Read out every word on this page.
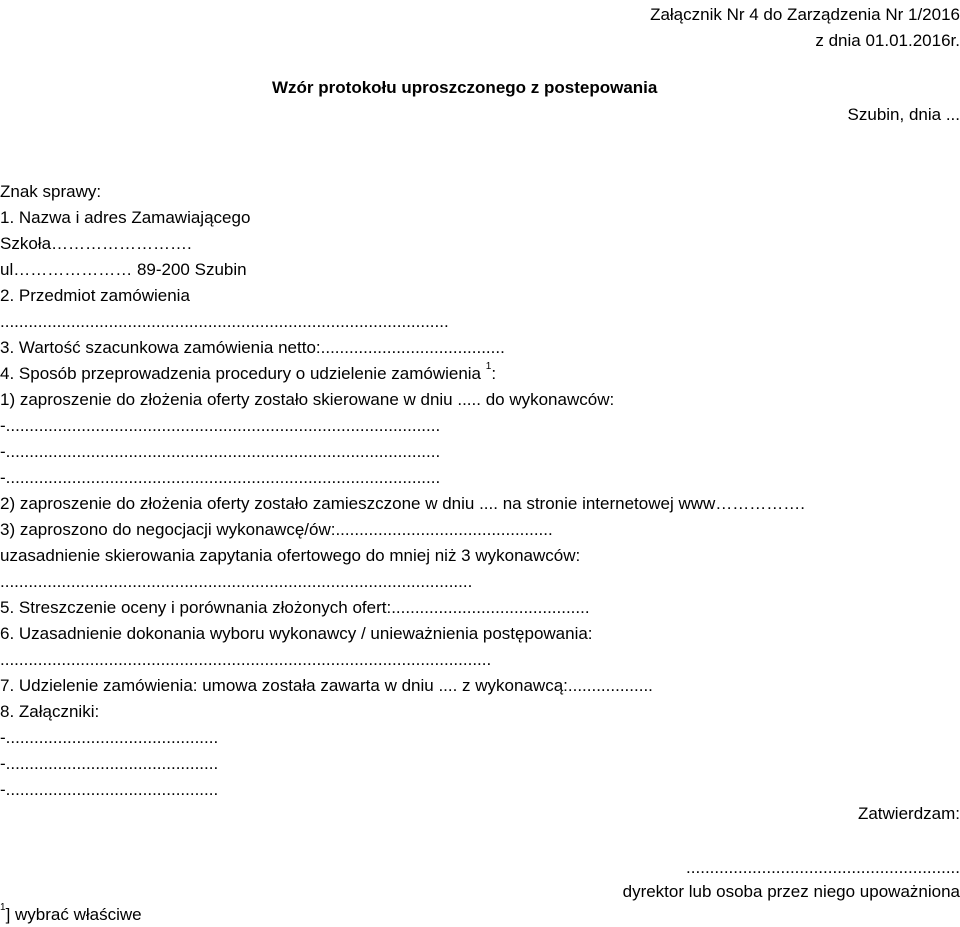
Załącznik Nr 4 do Zarządzenia Nr 1/2016
z dnia 01.01.2016r.
Wzór protokołu uproszczonego z postepowania
Szubin, dnia ...
Znak sprawy:
1. Nazwa i adres Zamawiającego
Szkoła…………………….
ul………………… 89-200 Szubin
2. Przedmiot zamówienia
...............................................................................................
3. Wartość szacunkowa zamówienia netto:.......................................
4. Sposób przeprowadzenia procedury o udzielenie zamówienia $^1$:
1) zaproszenie do złożenia oferty zostało skierowane w dniu ..... do wykonawców:
-............................................................................................
-............................................................................................
-............................................................................................
2) zaproszenie do złożenia oferty zostało zamieszczone w dniu .... na stronie internetowej www…………….
3) zaproszono do negocjacji wykonawcę/ów:..............................................
uzasadnienie skierowania zapytania ofertowego do mniej niż 3 wykonawców:
....................................................................................................
5. Streszczenie oceny i porównania złożonych ofert:..........................................
6. Uzasadnienie dokonania wyboru wykonawcy / unieważnienia postępowania:
........................................................................................................
7. Udzielenie zamówienia: umowa została zawarta w dniu .... z wykonawcą:..................
8. Załączniki:
-.............................................
-.............................................
-.............................................
Zatwierdzam:
..........................................................
dyrektor lub osoba przez niego upoważniona
$^1$] wybrać właściwe
